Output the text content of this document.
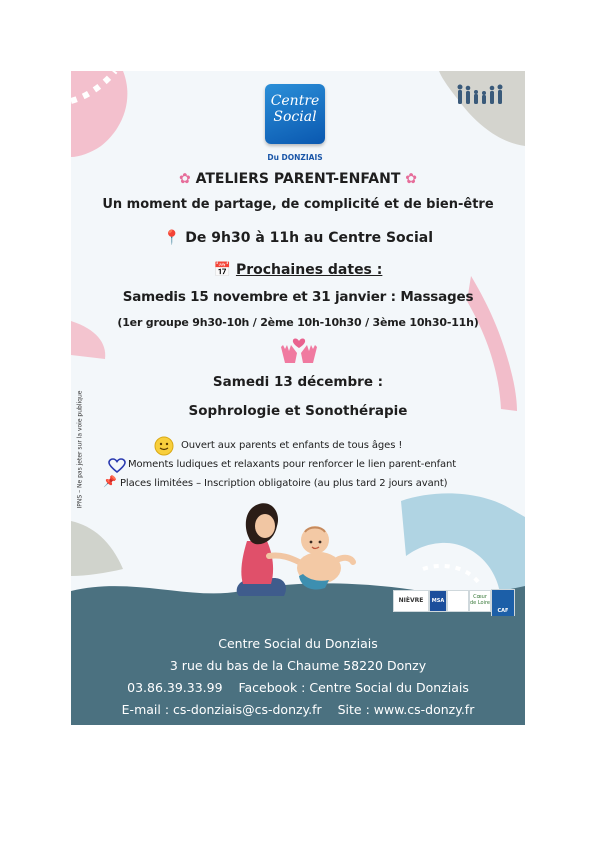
Centre
Social
Du DONZIAIS
✿ ATELIERS PARENT-ENFANT ✿
Un moment de partage, de complicité et de bien-être
📍 De 9h30 à 11h au Centre Social
📅 Prochaines dates :
Samedis 15 novembre et 31 janvier : Massages
(1er groupe 9h30-10h / 2ème 10h-10h30 / 3ème 10h30-11h)
Samedi 13 décembre :
Sophrologie et Sonothérapie
Ouvert aux parents et enfants de tous âges !
Moments ludiques et relaxants pour renforcer le lien parent-enfant
📌 Places limitées – Inscription obligatoire (au plus tard 2 jours avant)
IPNS – Ne pas jeter sur la voie publique
NIÈVRE	MSA
Cœur de Loire
CAF
Centre Social du Donziais
3 rue du bas de la Chaume 58220 Donzy
03.86.39.33.99 Facebook : Centre Social du Donziais
E-mail : cs-donziais@cs-donzy.fr Site : www.cs-donzy.fr
